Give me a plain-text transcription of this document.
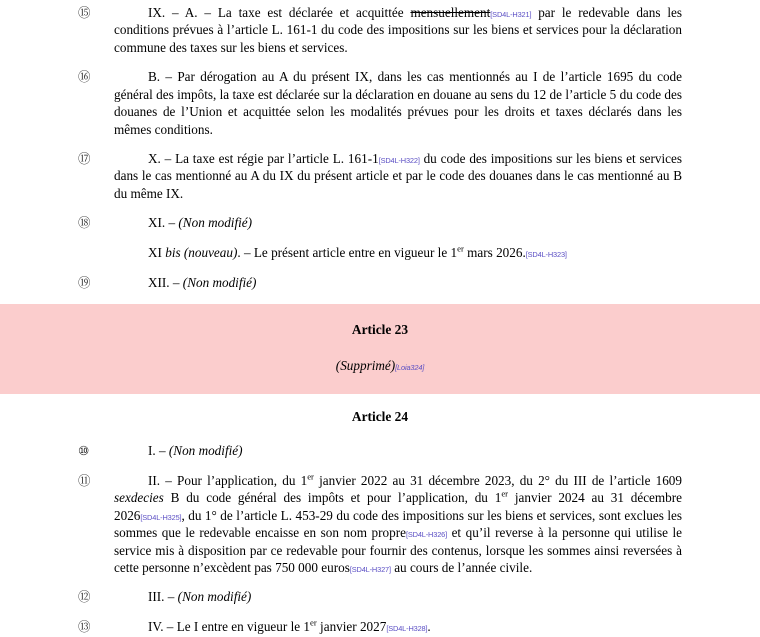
⑮	IX. – A. – La taxe est déclarée et acquittée mensuellement[SD4L-H321] par le redevable dans les conditions prévues à l’article L. 161-1 du code des impositions sur les biens et services pour la déclaration commune des taxes sur les biens et services.

⑯	B. – Par dérogation au A du présent IX, dans les cas mentionnés au I de l’article 1695 du code général des impôts, la taxe est déclarée sur la déclaration en douane au sens du 12 de l’article 5 du code des douanes de l’Union et acquittée selon les modalités prévues pour les droits et taxes déclarés dans les mêmes conditions.

⑰	X. – La taxe est régie par l’article L. 161-1[SD4L-H322] du code des impositions sur les biens et services dans le cas mentionné au A du IX du présent article et par le code des douanes dans le cas mentionné au B du même IX.

⑱	XI. – (Non modifié)

XI bis (nouveau). – Le présent article entre en vigueur le 1er mars 2026.[SD4L-H323]

⑲	XII. – (Non modifié)

Article 23
(Supprimé)[Loia324]
Article 24
⑩	I. – (Non modifié)

⑪	II. – Pour l’application, du 1er janvier 2022 au 31 décembre 2023, du 2° du III de l’article 1609 sexdecies B du code général des impôts et pour l’application, du 1er janvier 2024 au 31 décembre 2026[SD4L-H325], du 1° de l’article L. 453-29 du code des impositions sur les biens et services, sont exclues les sommes que le redevable encaisse en son nom propre[SD4L-H326] et qu’il reverse à la personne qui utilise le service mis à disposition par ce redevable pour fournir des contenus, lorsque les sommes ainsi reversées à cette personne n’excèdent pas 750 000 euros[SD4L-H327] au cours de l’année civile.

⑫	III. – (Non modifié)

⑬	IV. – Le I entre en vigueur le 1er janvier 2027[SD4L-H328].
